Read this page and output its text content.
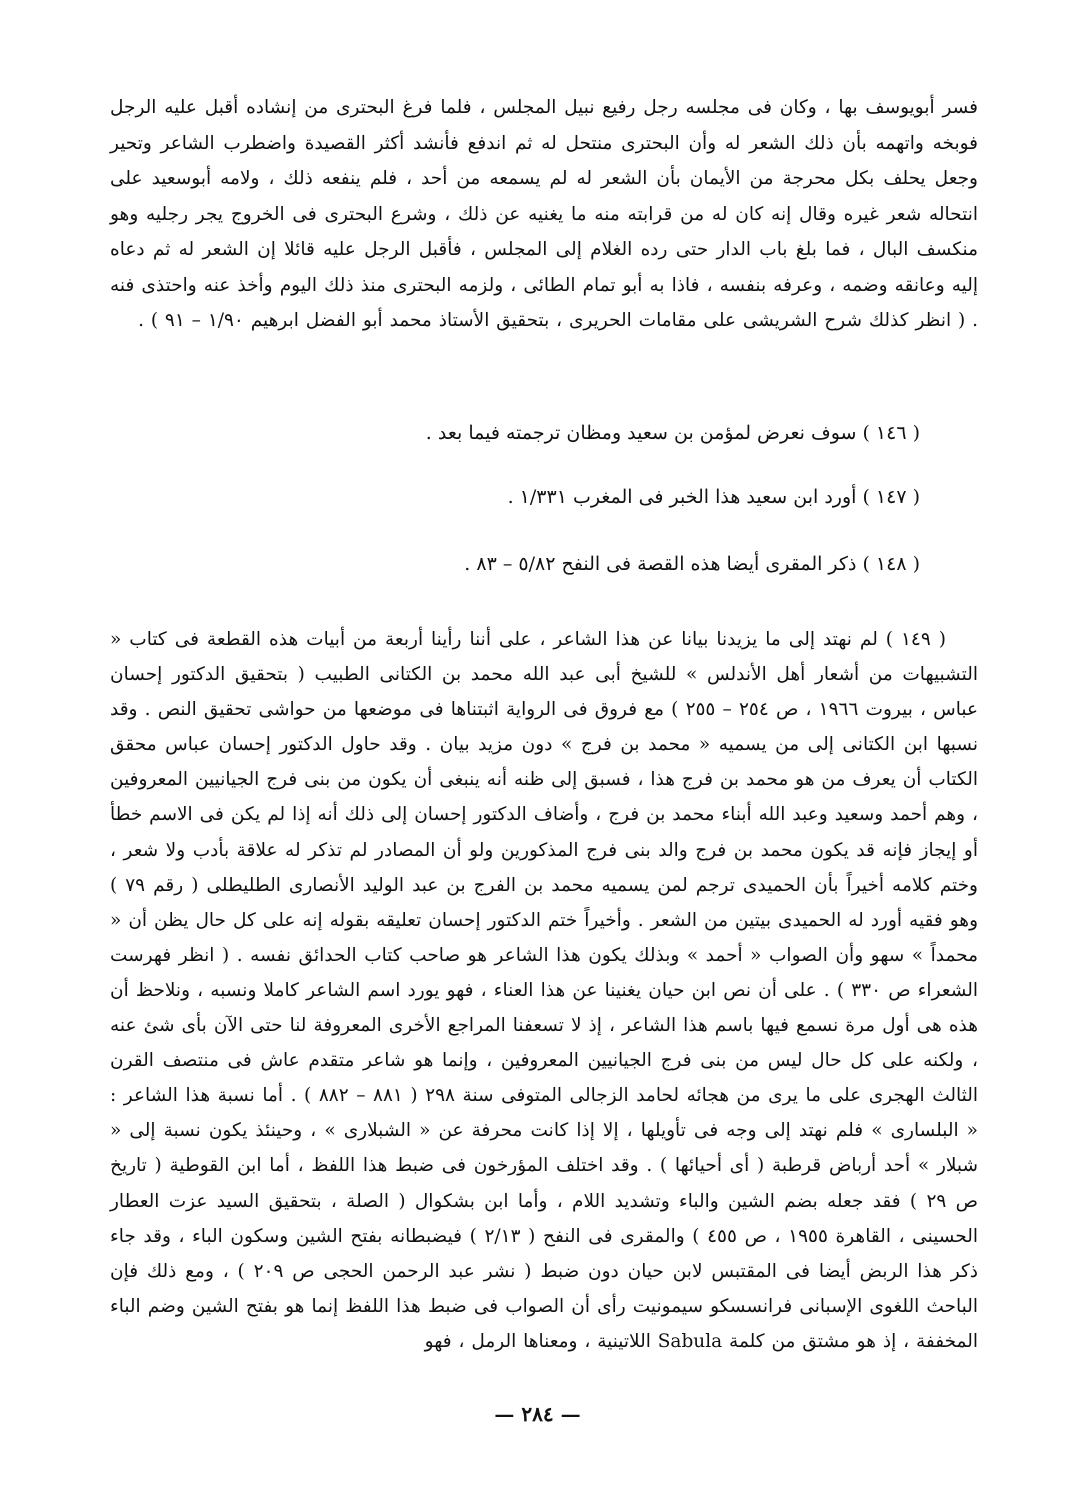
فسر أبويوسف بها ، وكان فى مجلسه رجل رفيع نبيل المجلس ، فلما فرغ البحترى من إنشاده أقبل عليه الرجل فوبخه واتهمه بأن ذلك الشعر له وأن البحترى منتحل له ثم اندفع فأنشد أكثر القصيدة واضطرب الشاعر وتحير وجعل يحلف بكل محرجة من الأيمان بأن الشعر له لم يسمعه من أحد ، فلم ينفعه ذلك ، ولامه أبوسعيد على انتحاله شعر غيره وقال إنه كان له من قرابته منه ما يغنيه عن ذلك ، وشرع البحترى فى الخروج يجر رجليه وهو منكسف البال ، فما بلغ باب الدار حتى رده الغلام إلى المجلس ، فأقبل الرجل عليه قائلا إن الشعر له ثم دعاه إليه وعانقه وضمه ، وعرفه بنفسه ، فاذا به أبو تمام الطائى ، ولزمه البحترى منذ ذلك اليوم وأخذ عنه واحتذى فنه . ( انظر كذلك شرح الشريشى على مقامات الحريرى ، بتحقيق الأستاذ محمد أبو الفضل ابرهيم ١/٩٠ – ٩١ ) .

( ١٤٦ ) سوف نعرض لمؤمن بن سعيد ومظان ترجمته فيما بعد .
( ١٤٧ ) أورد ابن سعيد هذا الخبر فى المغرب ١/٣٣١ .
( ١٤٨ ) ذكر المقرى أيضا هذه القصة فى النفح ٥/٨٢ – ٨٣ .

( ١٤٩ ) لم نهتد إلى ما يزيدنا بيانا عن هذا الشاعر ، على أننا رأينا أربعة من أبيات هذه القطعة فى كتاب « التشبيهات من أشعار أهل الأندلس » للشيخ أبى عبد الله محمد بن الكتانى الطبيب ( بتحقيق الدكتور إحسان عباس ، بيروت ١٩٦٦ ، ص ٢٥٤ – ٢٥٥ ) مع فروق فى الرواية اثبتناها فى موضعها من حواشى تحقيق النص . وقد نسبها ابن الكتانى إلى من يسميه « محمد بن فرج » دون مزيد بيان . وقد حاول الدكتور إحسان عباس محقق الكتاب أن يعرف من هو محمد بن فرج هذا ، فسبق إلى ظنه أنه ينبغى أن يكون من بنى فرج الجيانيين المعروفين ، وهم أحمد وسعيد وعبد الله أبناء محمد بن فرج ، وأضاف الدكتور إحسان إلى ذلك أنه إذا لم يكن فى الاسم خطأ أو إيجاز فإنه قد يكون محمد بن فرج والد بنى فرج المذكورين ولو أن المصادر لم تذكر له علاقة بأدب ولا شعر ، وختم كلامه أخيراً بأن الحميدى ترجم لمن يسميه محمد بن الفرج بن عبد الوليد الأنصارى الطليطلى ( رقم ٧٩ ) وهو فقيه أورد له الحميدى بيتين من الشعر . وأخيراً ختم الدكتور إحسان تعليقه بقوله إنه على كل حال يظن أن « محمداً » سهو وأن الصواب « أحمد » وبذلك يكون هذا الشاعر هو صاحب كتاب الحدائق نفسه . ( انظر فهرست الشعراء ص ٣٣٠ ) . على أن نص ابن حيان يغنينا عن هذا العناء ، فهو يورد اسم الشاعر كاملا ونسبه ، ونلاحظ أن هذه هى أول مرة نسمع فيها باسم هذا الشاعر ، إذ لا تسعفنا المراجع الأخرى المعروفة لنا حتى الآن بأى شئ عنه ، ولكنه على كل حال ليس من بنى فرج الجيانيين المعروفين ، وإنما هو شاعر متقدم عاش فى منتصف القرن الثالث الهجرى على ما يرى من هجائه لحامد الزجالى المتوفى سنة ٢٩٨ ( ٨٨١ – ٨٨٢ ) . أما نسبة هذا الشاعر : « البلسارى » فلم نهتد إلى وجه فى تأويلها ، إلا إذا كانت محرفة عن « الشبلارى » ، وحينئذ يكون نسبة إلى « شبلار » أحد أرباض قرطبة ( أى أحيائها ) . وقد اختلف المؤرخون فى ضبط هذا اللفظ ، أما ابن القوطية ( تاريخ ص ٢٩ ) فقد جعله بضم الشين والباء وتشديد اللام ، وأما ابن بشكوال ( الصلة ، بتحقيق السيد عزت العطار الحسينى ، القاهرة ١٩٥٥ ، ص ٤٥٥ ) والمقرى فى النفح ( ٢/١٣ ) فيضبطانه بفتح الشين وسكون الباء ، وقد جاء ذكر هذا الربض أيضا فى المقتبس لابن حيان دون ضبط ( نشر عبد الرحمن الحجى ص ٢٠٩ ) ، ومع ذلك فإن الباحث اللغوى الإسبانى فرانسسكو سيمونيت رأى أن الصواب فى ضبط هذا اللفظ إنما هو بفتح الشين وضم الباء المخففة ، إذ هو مشتق من كلمة Sabula اللاتينية ، ومعناها الرمل ، فهو

— ٢٨٤ —
